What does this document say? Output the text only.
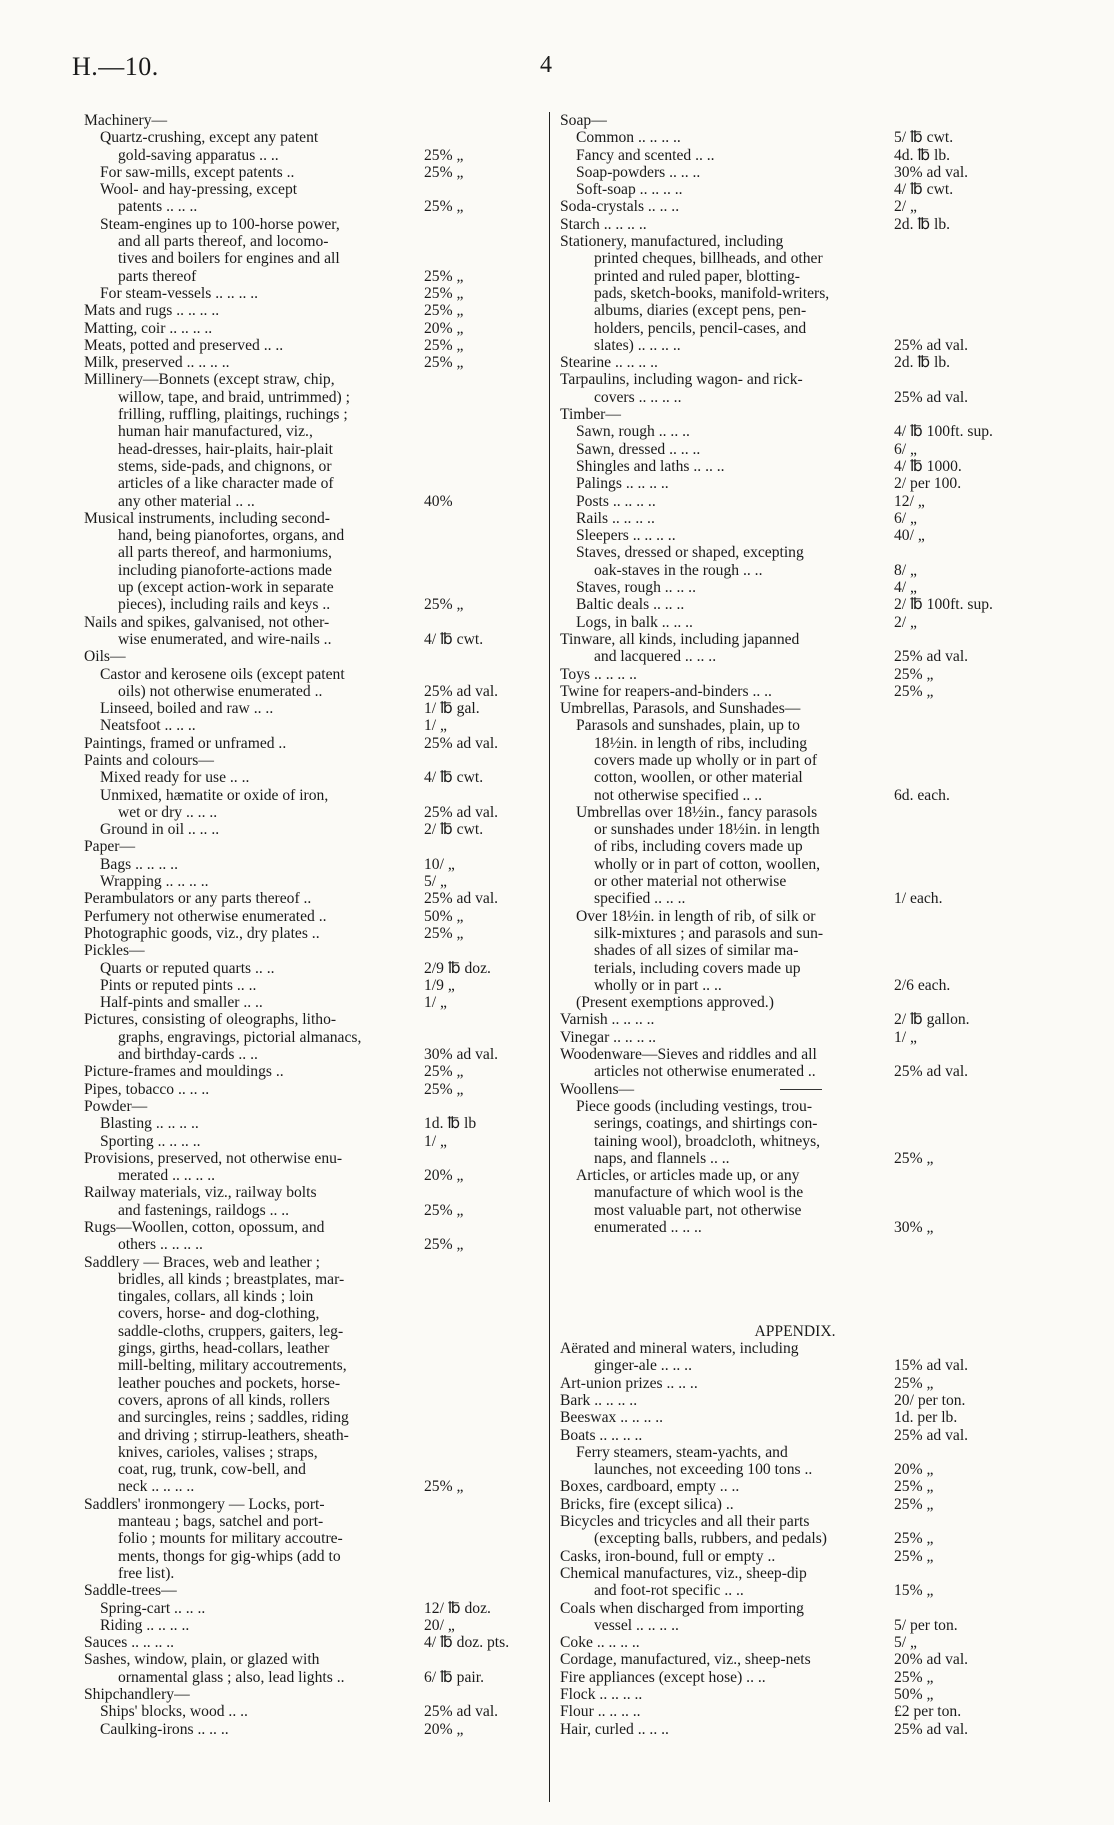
H.—10.	4
Machinery—
Quartz-crushing, except any patent
gold-saving apparatus .. ..	25% „
For saw-mills, except patents ..	25% „
Wool- and hay-pressing, except
patents .. .. ..	25% „
Steam-engines up to 100-horse power,
and all parts thereof, and locomo-
tives and boilers for engines and all
parts thereof	25% „
For steam-vessels .. .. .. ..	25% „
Mats and rugs .. .. .. ..	25% „
Matting, coir .. .. .. ..	20% „
Meats, potted and preserved .. ..	25% „
Milk, preserved .. .. .. ..	25% „
Millinery—Bonnets (except straw, chip,
willow, tape, and braid, untrimmed) ;
frilling, ruffling, plaitings, ruchings ;
human hair manufactured, viz.,
head-dresses, hair-plaits, hair-plait
stems, side-pads, and chignons, or
articles of a like character made of
any other material .. ..	40%
Musical instruments, including second-
hand, being pianofortes, organs, and
all parts thereof, and harmoniums,
including pianoforte-actions made
up (except action-work in separate
pieces), including rails and keys ..	25% „
Nails and spikes, galvanised, not other-
wise enumerated, and wire-nails ..	4/ ℔ cwt.
Oils—
Castor and kerosene oils (except patent
oils) not otherwise enumerated ..	25% ad val.
Linseed, boiled and raw .. ..	1/ ℔ gal.
Neatsfoot .. .. ..	1/ „
Paintings, framed or unframed ..	25% ad val.
Paints and colours—
Mixed ready for use .. ..	4/ ℔ cwt.
Unmixed, hæmatite or oxide of iron,
wet or dry .. .. ..	25% ad val.
Ground in oil .. .. ..	2/ ℔ cwt.
Paper—
Bags .. .. .. ..	10/ „
Wrapping .. .. .. ..	5/ „
Perambulators or any parts thereof ..	25% ad val.
Perfumery not otherwise enumerated ..	50% „
Photographic goods, viz., dry plates ..	25% „
Pickles—
Quarts or reputed quarts .. ..	2/9 ℔ doz.
Pints or reputed pints .. ..	1/9 „
Half-pints and smaller .. ..	1/ „
Pictures, consisting of oleographs, litho-
graphs, engravings, pictorial almanacs,
and birthday-cards .. ..	30% ad val.
Picture-frames and mouldings ..	25% „
Pipes, tobacco .. .. ..	25% „
Powder—
Blasting .. .. .. ..	1d. ℔ lb
Sporting .. .. .. ..	1/ „
Provisions, preserved, not otherwise enu-
merated .. .. .. ..	20% „
Railway materials, viz., railway bolts
and fastenings, raildogs .. ..	25% „
Rugs—Woollen, cotton, opossum, and
others .. .. .. ..	25% „
Saddlery — Braces, web and leather ;
bridles, all kinds ; breastplates, mar-
tingales, collars, all kinds ; loin
covers, horse- and dog-clothing,
saddle-cloths, cruppers, gaiters, leg-
gings, girths, head-collars, leather
mill-belting, military accoutrements,
leather pouches and pockets, horse-
covers, aprons of all kinds, rollers
and surcingles, reins ; saddles, riding
and driving ; stirrup-leathers, sheath-
knives, carioles, valises ; straps,
coat, rug, trunk, cow-bell, and
neck .. .. .. ..	25% „
Saddlers' ironmongery — Locks, port-
manteau ; bags, satchel and port-
folio ; mounts for military accoutre-
ments, thongs for gig-whips (add to
free list).
Saddle-trees—
Spring-cart .. .. ..	12/ ℔ doz.
Riding .. .. .. ..	20/ „
Sauces .. .. .. ..	4/ ℔ doz. pts.
Sashes, window, plain, or glazed with
ornamental glass ; also, lead lights ..	6/ ℔ pair.
Shipchandlery—
Ships' blocks, wood .. ..	25% ad val.
Caulking-irons .. .. ..	20% „
Soap—
Common .. .. .. ..	5/ ℔ cwt.
Fancy and scented .. ..	4d. ℔ lb.
Soap-powders .. .. ..	30% ad val.
Soft-soap .. .. .. ..	4/ ℔ cwt.
Soda-crystals .. .. ..	2/ „
Starch .. .. .. ..	2d. ℔ lb.
Stationery, manufactured, including
printed cheques, billheads, and other
printed and ruled paper, blotting-
pads, sketch-books, manifold-writers,
albums, diaries (except pens, pen-
holders, pencils, pencil-cases, and
slates) .. .. .. ..	25% ad val.
Stearine .. .. .. ..	2d. ℔ lb.
Tarpaulins, including wagon- and rick-
covers .. .. .. ..	25% ad val.
Timber—
Sawn, rough .. .. ..	4/ ℔ 100ft. sup.
Sawn, dressed .. .. ..	6/ „
Shingles and laths .. .. ..	4/ ℔ 1000.
Palings .. .. .. ..	2/ per 100.
Posts .. .. .. ..	12/ „
Rails .. .. .. ..	6/ „
Sleepers .. .. .. ..	40/ „
Staves, dressed or shaped, excepting
oak-staves in the rough .. ..	8/ „
Staves, rough .. .. ..	4/ „
Baltic deals .. .. ..	2/ ℔ 100ft. sup.
Logs, in balk .. .. ..	2/ „
Tinware, all kinds, including japanned
and lacquered .. .. ..	25% ad val.
Toys .. .. .. ..	25% „
Twine for reapers-and-binders .. ..	25% „
Umbrellas, Parasols, and Sunshades—
Parasols and sunshades, plain, up to
18½in. in length of ribs, including
covers made up wholly or in part of
cotton, woollen, or other material
not otherwise specified .. ..	6d. each.
Umbrellas over 18½in., fancy parasols
or sunshades under 18½in. in length
of ribs, including covers made up
wholly or in part of cotton, woollen,
or other material not otherwise
specified .. .. ..	1/ each.
Over 18½in. in length of rib, of silk or
silk-mixtures ; and parasols and sun-
shades of all sizes of similar ma-
terials, including covers made up
wholly or in part .. ..	2/6 each.
(Present exemptions approved.)
Varnish .. .. .. ..	2/ ℔ gallon.
Vinegar .. .. .. ..	1/ „
Woodenware—Sieves and riddles and all
articles not otherwise enumerated ..	25% ad val.
Woollens—
Piece goods (including vestings, trou-
serings, coatings, and shirtings con-
taining wool), broadcloth, whitneys,
naps, and flannels .. ..	25% „
Articles, or articles made up, or any
manufacture of which wool is the
most valuable part, not otherwise
enumerated .. .. ..	30% „
APPENDIX.
Aërated and mineral waters, including
ginger-ale .. .. ..	15% ad val.
Art-union prizes .. .. ..	25% „
Bark .. .. .. ..	20/ per ton.
Beeswax .. .. .. ..	1d. per lb.
Boats .. .. .. ..	25% ad val.
Ferry steamers, steam-yachts, and
launches, not exceeding 100 tons ..	20% „
Boxes, cardboard, empty .. ..	25% „
Bricks, fire (except silica) ..	25% „
Bicycles and tricycles and all their parts
(excepting balls, rubbers, and pedals)	25% „
Casks, iron-bound, full or empty ..	25% „
Chemical manufactures, viz., sheep-dip
and foot-rot specific .. ..	15% „
Coals when discharged from importing
vessel .. .. .. ..	5/ per ton.
Coke .. .. .. ..	5/ „
Cordage, manufactured, viz., sheep-nets	20% ad val.
Fire appliances (except hose) .. ..	25% „
Flock .. .. .. ..	50% „
Flour .. .. .. ..	£2 per ton.
Hair, curled .. .. ..	25% ad val.
